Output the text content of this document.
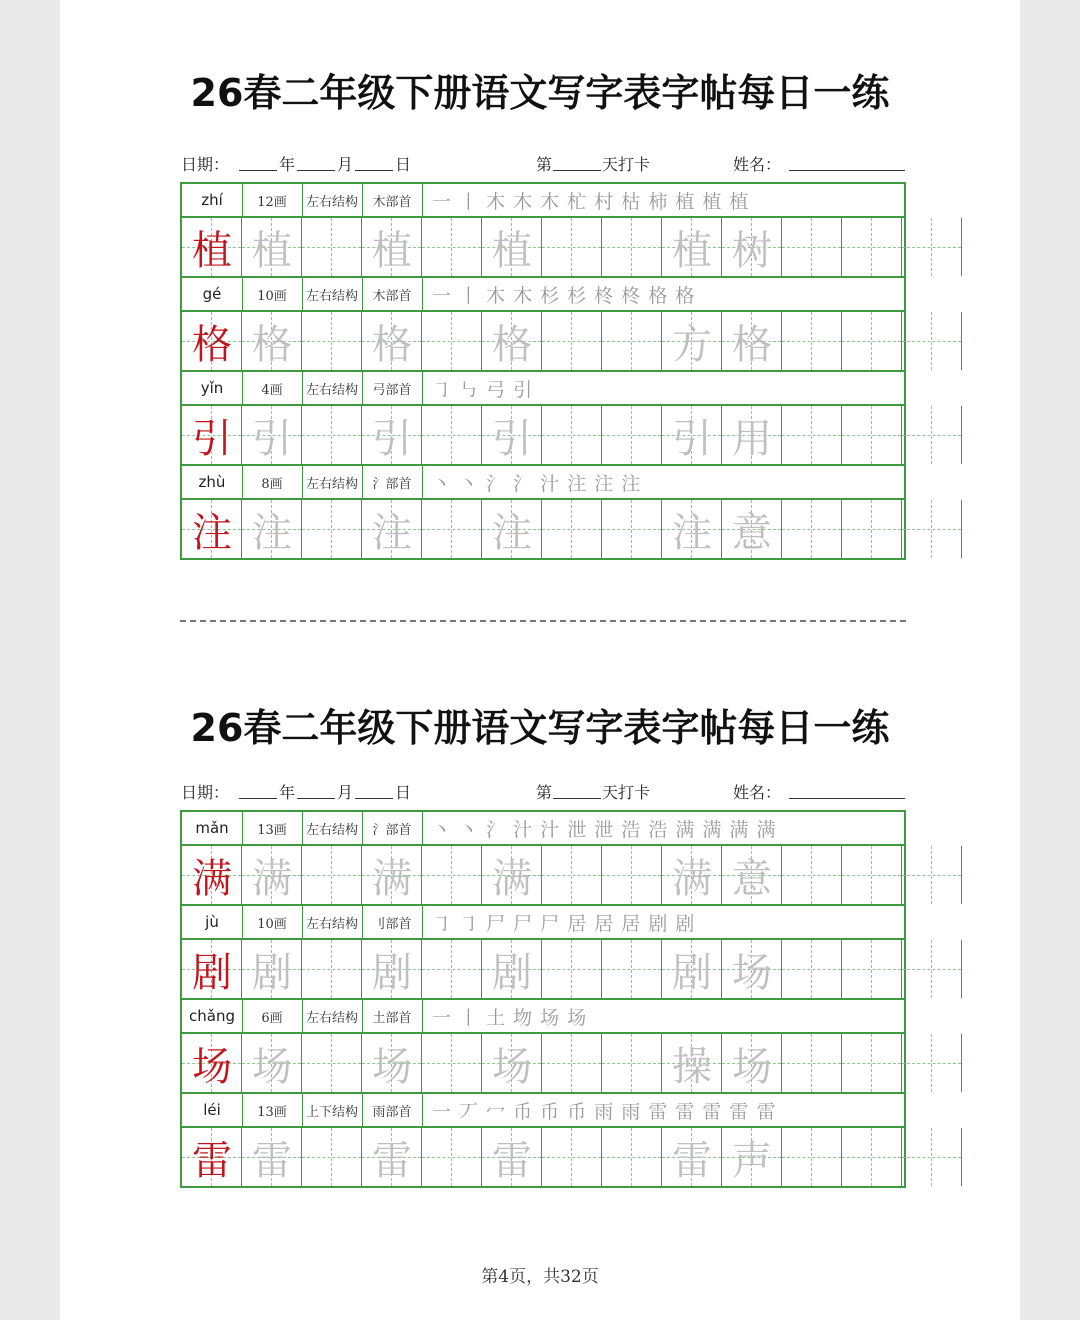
26春二年级下册语文写字表字帖每日一练
日期：	年	月	日	第	天打卡	姓名：
zhí	12画	左右结构	木部首	一 丨 木 木 木 杧 村 枯 柿 植 植 植
植 植 植 植	植 树
gé	10画	左右结构	木部首	一 丨 木 木 杉 杉 柊 柊 格 格
格 格 格 格	方 格
yǐn	4画	左右结构	弓部首	㇆ ㇉ 弓 引
引 引 引 引	引 用
zhù	8画	左右结构	氵部首	丶 丶 氵 氵 汁 注 注 注
注 注 注 注	注 意
26春二年级下册语文写字表字帖每日一练
日期：	年	月	日	第	天打卡	姓名：
mǎn	13画	左右结构	氵部首	丶 丶 氵 汁 汁 泄 泄 浩 浩 满 满 满 满
满 满 满 满	满 意
jù	10画	左右结构	刂部首	㇆ ㇆ 尸 尸 尸 居 居 居 剧 剧
剧 剧 剧 剧	剧 场
chǎng	6画	左右结构	土部首	一 丨 土 圽 场 场
场 场 场 场	操 场
léi	13画	上下结构	雨部首	一 丆 冖 币 币 币 雨 雨 雷 雷 雷 雷 雷
雷 雷 雷 雷	雷 声
第4页，共32页
